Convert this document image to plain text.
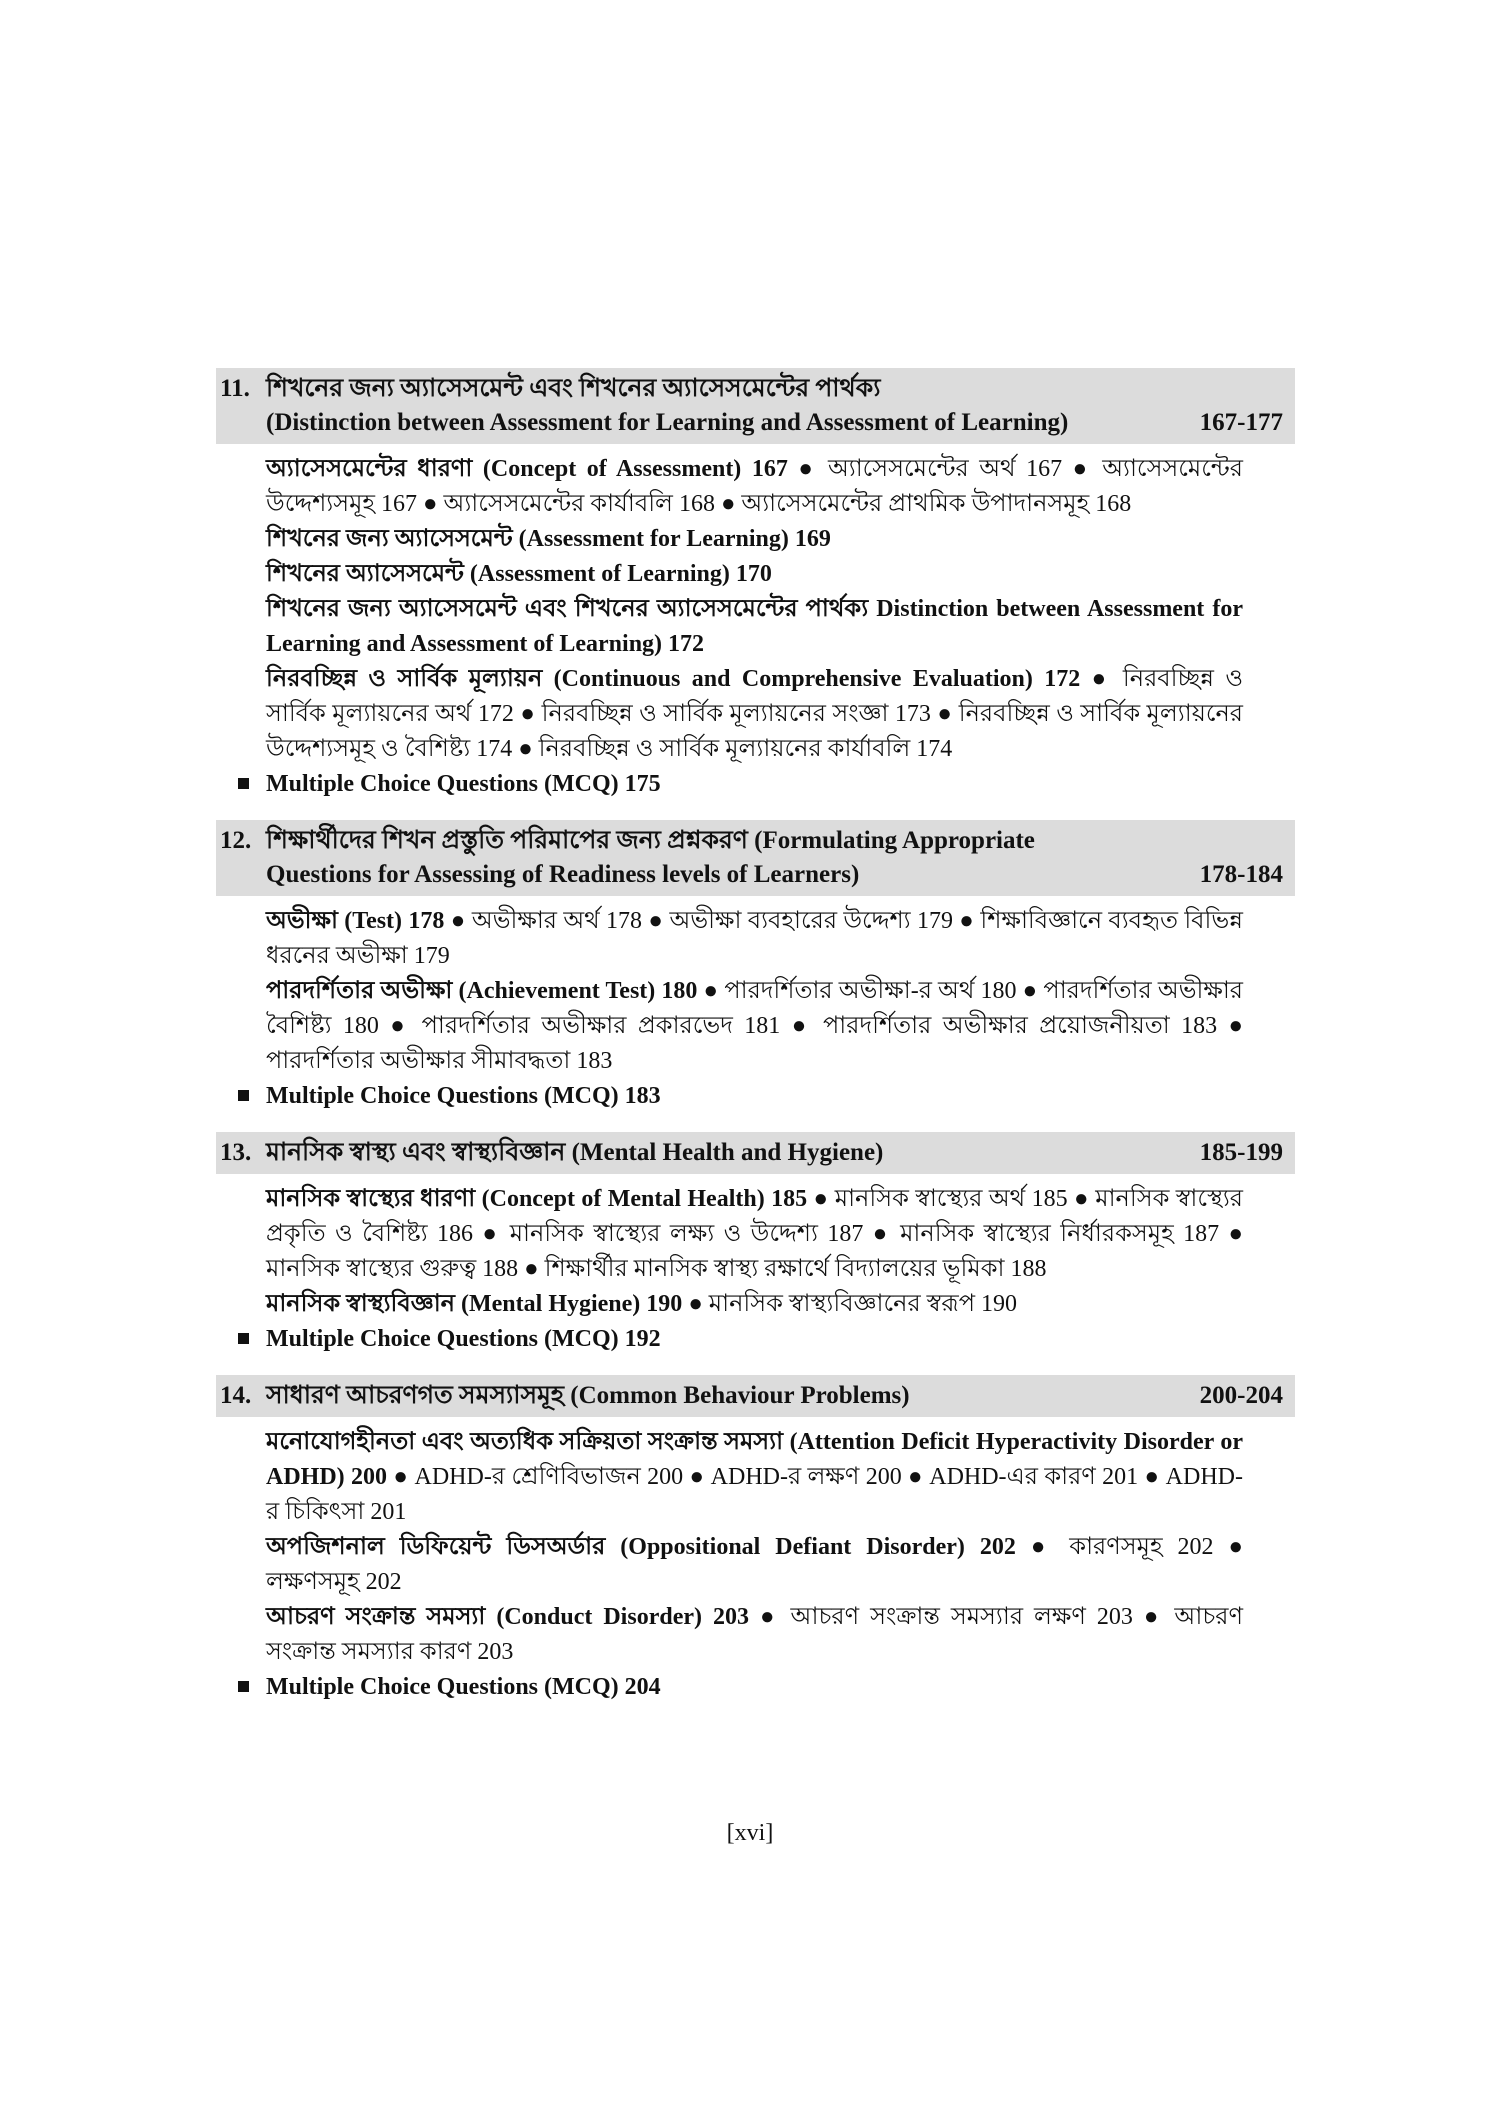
11. শিখনের জন্য অ্যাসেসমেন্ট এবং শিখনের অ্যাসেসমেন্টের পার্থক্য
(Distinction between Assessment for Learning and Assessment of Learning)	167-177

অ্যাসেসমেন্টের ধারণা (Concept of Assessment) 167 ● অ্যাসেসমেন্টের অর্থ 167 ● অ্যাসেসমেন্টের উদ্দেশ্যসমূহ 167 ● অ্যাসেসমেন্টের কার্যাবলি 168 ● অ্যাসেসমেন্টের প্রাথমিক উপাদানসমূহ 168

শিখনের জন্য অ্যাসেসমেন্ট (Assessment for Learning) 169

শিখনের অ্যাসেসমেন্ট (Assessment of Learning) 170

শিখনের জন্য অ্যাসেসমেন্ট এবং শিখনের অ্যাসেসমেন্টের পার্থক্য Distinction between Assessment for Learning and Assessment of Learning) 172

নিরবচ্ছিন্ন ও সার্বিক মূল্যায়ন (Continuous and Comprehensive Evaluation) 172 ● নিরবচ্ছিন্ন ও সার্বিক মূল্যায়নের অর্থ 172 ● নিরবচ্ছিন্ন ও সার্বিক মূল্যায়নের সংজ্ঞা 173 ● নিরবচ্ছিন্ন ও সার্বিক মূল্যায়নের উদ্দেশ্যসমূহ ও বৈশিষ্ট্য 174 ● নিরবচ্ছিন্ন ও সার্বিক মূল্যায়নের কার্যাবলি 174

Multiple Choice Questions (MCQ) 175
12. শিক্ষার্থীদের শিখন প্রস্তুতি পরিমাপের জন্য প্রশ্নকরণ (Formulating Appropriate
Questions for Assessing of Readiness levels of Learners)	178-184

অভীক্ষা (Test) 178 ● অভীক্ষার অর্থ 178 ● অভীক্ষা ব্যবহারের উদ্দেশ্য 179 ● শিক্ষাবিজ্ঞানে ব্যবহৃত বিভিন্ন ধরনের অভীক্ষা 179

পারদর্শিতার অভীক্ষা (Achievement Test) 180 ● পারদর্শিতার অভীক্ষা-র অর্থ 180 ● পারদর্শিতার অভীক্ষার বৈশিষ্ট্য 180 ● পারদর্শিতার অভীক্ষার প্রকারভেদ 181 ● পারদর্শিতার অভীক্ষার প্রয়োজনীয়তা 183 ● পারদর্শিতার অভীক্ষার সীমাবদ্ধতা 183

Multiple Choice Questions (MCQ) 183
13. মানসিক স্বাস্থ্য এবং স্বাস্থ্যবিজ্ঞান (Mental Health and Hygiene)	185-199

মানসিক স্বাস্থ্যের ধারণা (Concept of Mental Health) 185 ● মানসিক স্বাস্থ্যের অর্থ 185 ● মানসিক স্বাস্থ্যের প্রকৃতি ও বৈশিষ্ট্য 186 ● মানসিক স্বাস্থ্যের লক্ষ্য ও উদ্দেশ্য 187 ● মানসিক স্বাস্থ্যের নির্ধারকসমূহ 187 ● মানসিক স্বাস্থ্যের গুরুত্ব 188 ● শিক্ষার্থীর মানসিক স্বাস্থ্য রক্ষার্থে বিদ্যালয়ের ভূমিকা 188

মানসিক স্বাস্থ্যবিজ্ঞান (Mental Hygiene) 190 ● মানসিক স্বাস্থ্যবিজ্ঞানের স্বরূপ 190

Multiple Choice Questions (MCQ) 192
14. সাধারণ আচরণগত সমস্যাসমূহ (Common Behaviour Problems)	200-204

মনোযোগহীনতা এবং অত্যধিক সক্রিয়তা সংক্রান্ত সমস্যা (Attention Deficit Hyperactivity Disorder or ADHD) 200 ● ADHD-র শ্রেণিবিভাজন 200 ● ADHD-র লক্ষণ 200 ● ADHD-এর কারণ 201 ● ADHD-র চিকিৎসা 201

অপজিশনাল ডিফিয়েন্ট ডিসঅর্ডার (Oppositional Defiant Disorder) 202 ● কারণসমূহ 202 ● লক্ষণসমূহ 202

আচরণ সংক্রান্ত সমস্যা (Conduct Disorder) 203 ● আচরণ সংক্রান্ত সমস্যার লক্ষণ 203 ● আচরণ সংক্রান্ত সমস্যার কারণ 203

Multiple Choice Questions (MCQ) 204
[xvi]
